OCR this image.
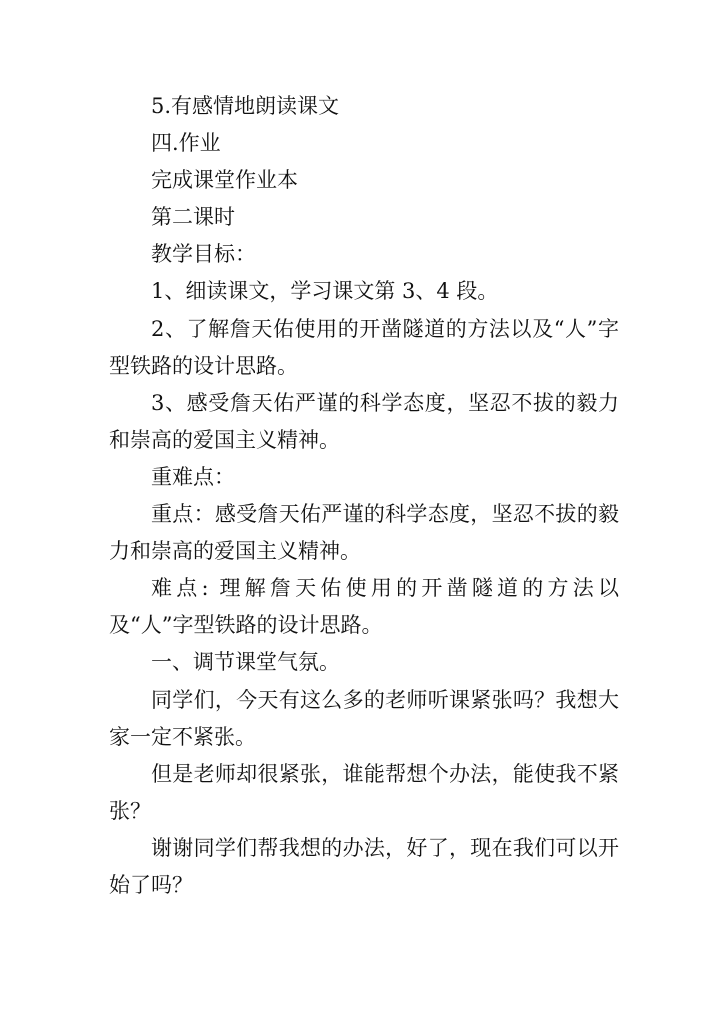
5.有感情地朗读课文

四.作业

完成课堂作业本

第二课时

教学目标：

1、细读课文，学习课文第 3、4 段。

2、了解詹天佑使用的开凿隧道的方法以及“人”字型铁路的设计思路。

3、感受詹天佑严谨的科学态度，坚忍不拔的毅力和崇高的爱国主义精神。

重难点：

重点：感受詹天佑严谨的科学态度，坚忍不拔的毅力和崇高的爱国主义精神。

难点: 理解詹天佑使用的开凿隧道的方法以及“人”字型铁路的设计思路。

一、调节课堂气氛。

同学们，今天有这么多的老师听课紧张吗？我想大家一定不紧张。

但是老师却很紧张，谁能帮想个办法，能使我不紧张？

谢谢同学们帮我想的办法，好了，现在我们可以开始了吗？
